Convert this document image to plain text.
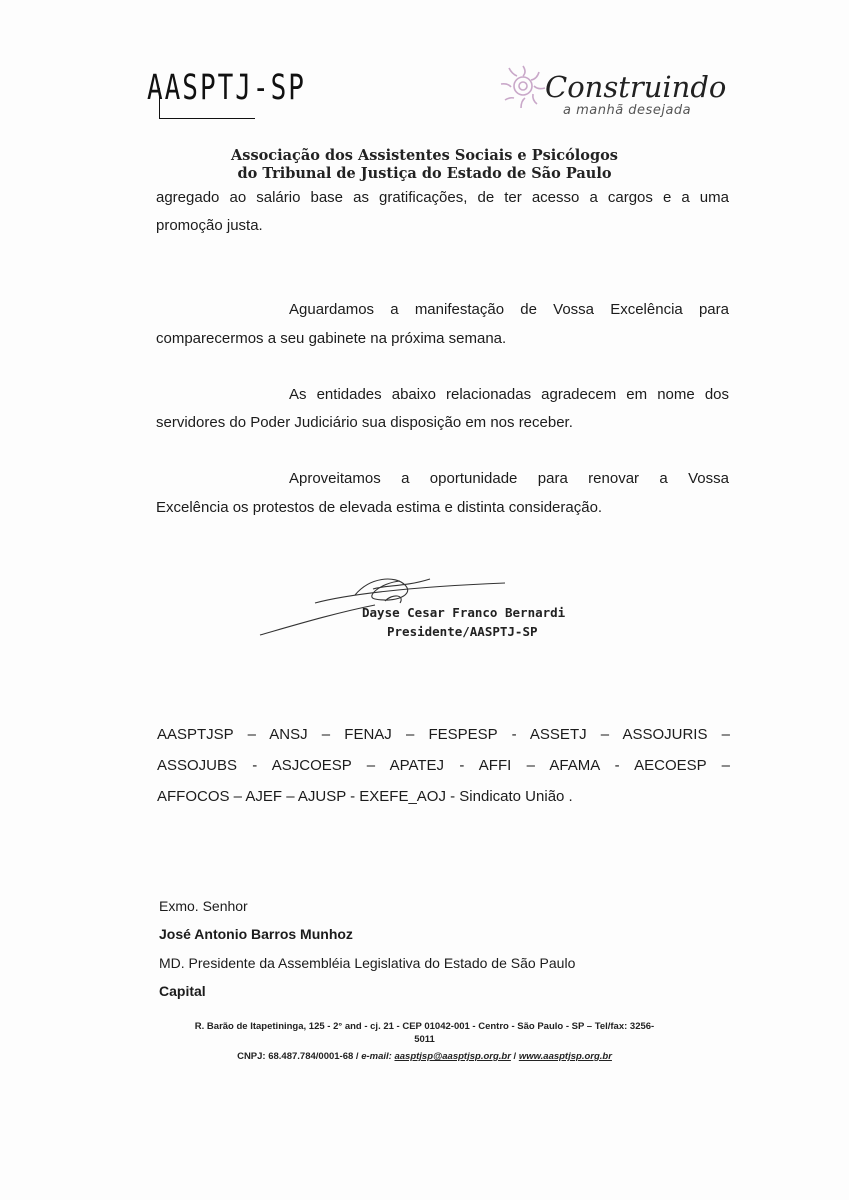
AASPTJ-SP	Construindo
a manhã desejada
Associação dos Assistentes Sociais e Psicólogos
do Tribunal de Justiça do Estado de São Paulo
agregado ao salário base as gratificações, de ter acesso a cargos e a uma
promoção justa.
Aguardamos a manifestação de Vossa Excelência para
comparecermos a seu gabinete na próxima semana.
As entidades abaixo relacionadas agradecem em nome dos
servidores do Poder Judiciário sua disposição em nos receber.
Aproveitamos a oportunidade para renovar a Vossa
Excelência os protestos de elevada estima e distinta consideração.
Dayse Cesar Franco Bernardi
Presidente/AASPTJ-SP
AASPTJSP – ANSJ – FENAJ – FESPESP - ASSETJ – ASSOJURIS –
ASSOJUBS - ASJCOESP – APATEJ - AFFI – AFAMA - AECOESP –
AFFOCOS – AJEF – AJUSP - EXEFE_AOJ - Sindicato União .
Exmo. Senhor
José Antonio Barros Munhoz
MD. Presidente da Assembléia Legislativa do Estado de São Paulo
Capital
R. Barão de Itapetininga, 125 - 2° and - cj. 21 - CEP 01042-001 - Centro - São Paulo - SP – Tel/fax: 3256-
5011
CNPJ: 68.487.784/0001-68 / e-mail: aasptjsp@aasptjsp.org.br / www.aasptjsp.org.br
